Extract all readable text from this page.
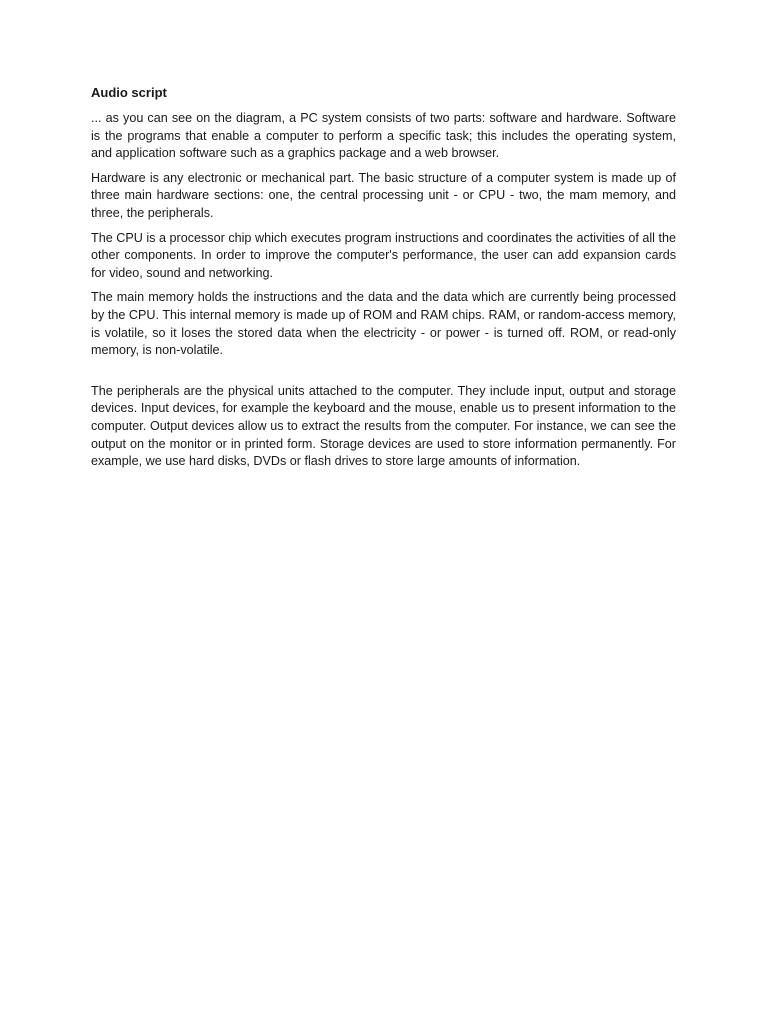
Audio script

... as you can see on the diagram, a PC system consists of two parts: software and hardware. Software is the programs that enable a computer to perform a specific task; this includes the operating system, and application software such as a graphics package and a web browser.

Hardware is any electronic or mechanical part. The basic structure of a computer system is made up of three main hardware sections: one, the central processing unit - or CPU - two, the mam memory, and three, the peripherals.

The CPU is a processor chip which executes program instructions and coordinates the activities of all the other components. In order to improve the computer's performance, the user can add expansion cards for video, sound and networking.

The main memory holds the instructions and the data and the data which are currently being processed by the CPU. This internal memory is made up of ROM and RAM chips. RAM, or random-access memory, is volatile, so it loses the stored data when the electricity - or power - is turned off. ROM, or read-only memory, is non-volatile.

The peripherals are the physical units attached to the computer. They include input, output and storage devices. Input devices, for example the keyboard and the mouse, enable us to present information to the computer. Output devices allow us to extract the results from the computer. For instance, we can see the output on the monitor or in printed form. Storage devices are used to store information permanently. For example, we use hard disks, DVDs or flash drives to store large amounts of information.
